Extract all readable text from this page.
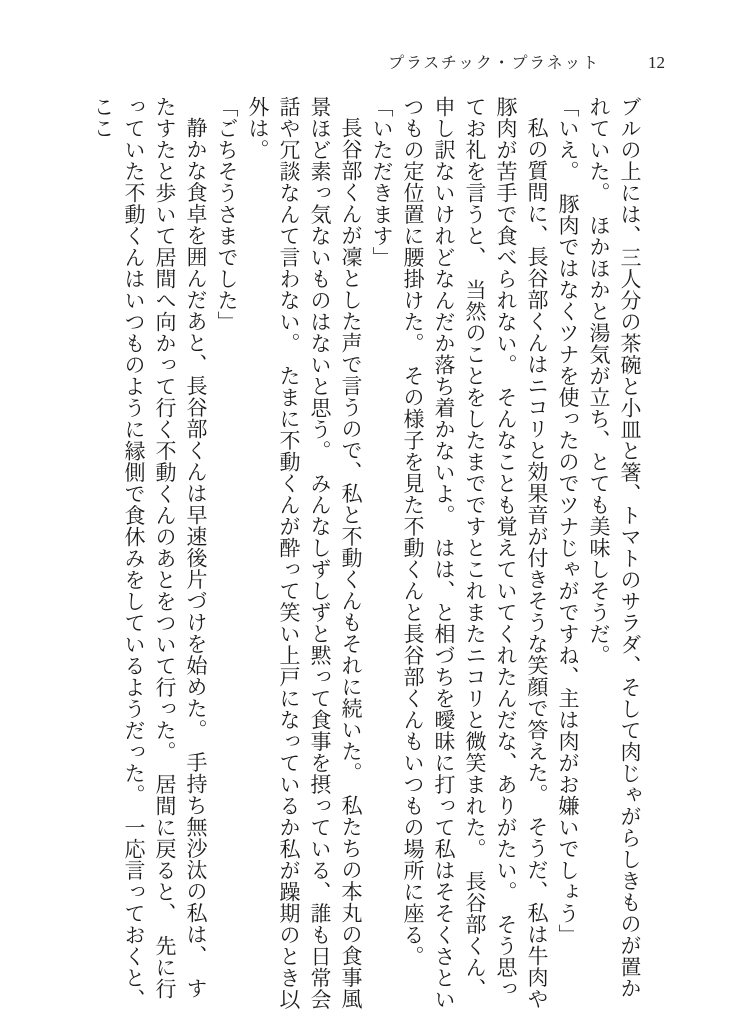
プラスチック・プラネット	12

ブルの上には、三人分の茶碗と小皿と箸、トマトのサラダ、そして肉じゃがらしきものが置かれていた。　ほかほかと湯気が立ち、とても美味しそうだ。

「いえ。　豚肉ではなくツナを使ったのでツナじゃがですね、主は肉がお嫌いでしょう」

私の質問に、長谷部くんはニコリと効果音が付きそうな笑顔で答えた。　そうだ、私は牛肉や豚肉が苦手で食べられない。　そんなことも覚えていてくれたんだな、ありがたい。　そう思ってお礼を言うと、　当然のことをしたまでですとこれまたニコリと微笑まれた。　長谷部くん、申し訳ないけれどなんだか落ち着かないよ。　はは、と相づちを曖昧に打って私はそそくさといつもの定位置に腰掛けた。　その様子を見た不動くんと長谷部くんもいつもの場所に座る。

「いただきます」

長谷部くんが凜とした声で言うので、私と不動くんもそれに続いた。　私たちの本丸の食事風景ほど素っ気ないものはないと思う。　みんなしずしずと黙って食事を摂っている、誰も日常会話や冗談なんて言わない。　たまに不動くんが酔って笑い上戸になっているか私が躁期のとき以外は。

「ごちそうさまでした」

静かな食卓を囲んだあと、長谷部くんは早速後片づけを始めた。　手持ち無沙汰の私は、　すたすたと歩いて居間へ向かって行く不動くんのあとをついて行った。　居間に戻ると、　先に行っていた不動くんはいつものように縁側で食休みをしているようだった。　一応言っておくと、　ここ
